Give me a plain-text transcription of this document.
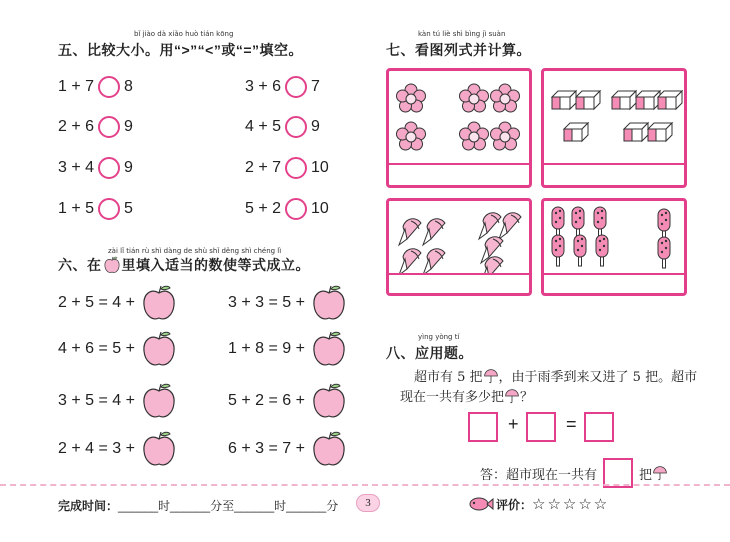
bǐ jiào dà xiǎo huò tián kōng
五、比较大小。用“>”“<”或“=”填空。
1 + 7 8	3 + 6 7
2 + 6 9	4 + 5 9
3 + 4 9	2 + 7 10
1 + 5 5	5 + 2 10
zài lǐ tián rù shì dàng de shù shǐ děng shì chéng lì
六、在 里填入适当的数使等式成立。
2 + 5 = 4 +	3 + 3 = 5 +
4 + 6 = 5 +	1 + 8 = 9 +
3 + 5 = 4 +	5 + 2 = 6 +
2 + 4 = 3 +	6 + 3 = 7 +
kàn tú liè shì bìng jì suàn
七、看图列式并计算。
yìng yòng tí
八、应用题。
超市有 5 把 ，由于雨季到来又进了 5 把。超市
现在一共有多少把 ？
+	=
答：超市现在一共有	把
完成时间： ______时______分至______时______分	3	评价： ☆☆☆☆☆
